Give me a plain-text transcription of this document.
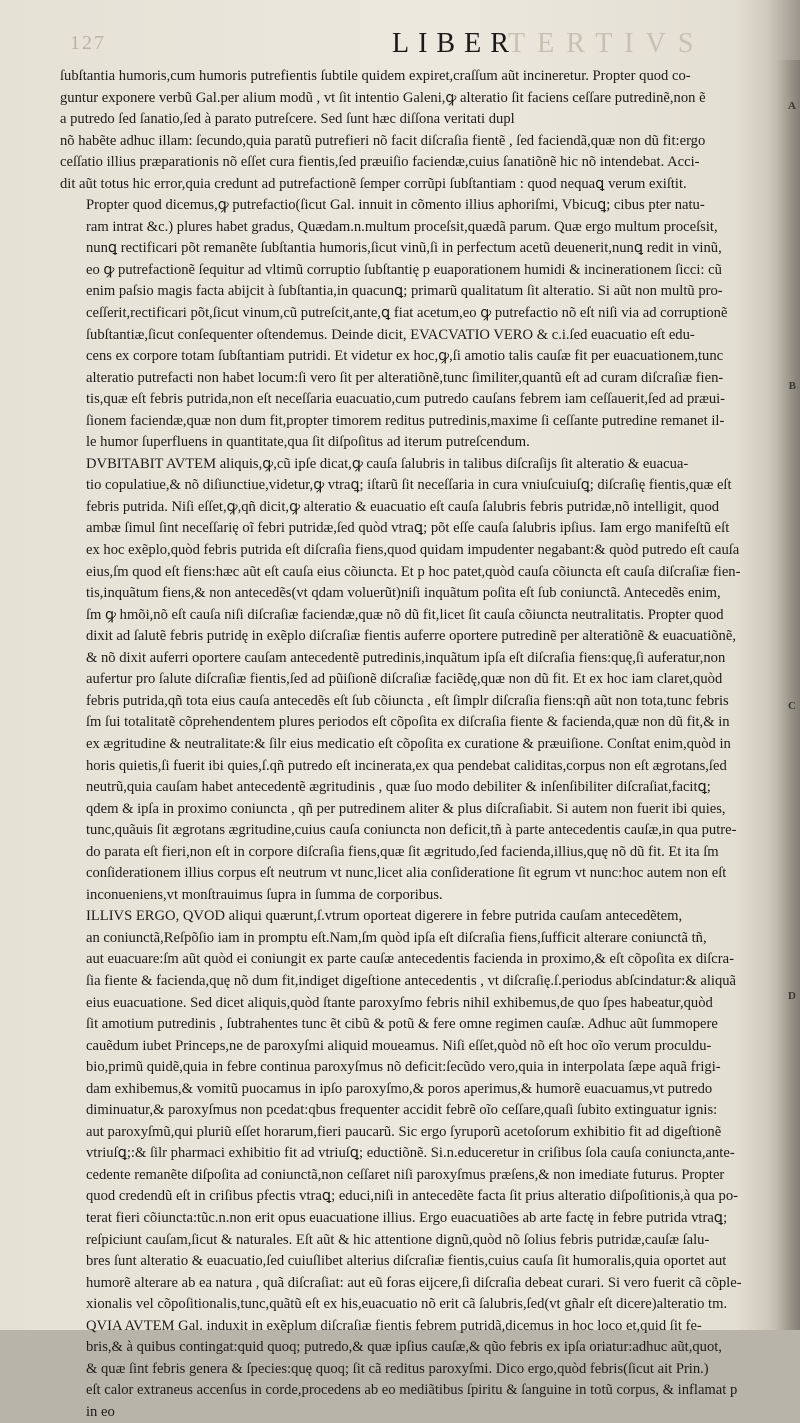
127	LIBER
TERTIVS

ſubſtantia humoris,cum humoris putrefientis ſubtile quidem expiret,craſſum aũt incineretur. Propter quod co-
guntur exponere verbũ Gal.per alium modũ , vt ſit intentio Galeni,ꝙ alteratio ſit faciens ceſſare putredinẽ,non ẽ
a putredo ſed ſanatio,ſed à parato putreſcere. Sed ſunt hæc diſſona veritati dupl
nõ habẽte adhuc illam: ſecundo,quia paratũ putrefieri nõ facit diſcraſia fientẽ , ſed faciendã,quæ non dũ fit:ergo
ceſſatio illius præparationis nõ eſſet cura fientis,ſed præuiſio faciendæ,cuius ſanatiõnẽ hic nõ intendebat. Acci-
dit aũt totus hic error,quia credunt ad putrefactionẽ ſemper corrũpi ſubſtantiam : quod nequaꝗ verum exiſtit.

Propter quod dicemus,ꝙ putrefactio(ſicut Gal. innuit in cõmento illius aphoriſmi, Vbicuꝗ; cibus pter natu-
ram intrat &c.) plures habet gradus, Quædam.n.multum proceſsit,quædã parum. Quæ ergo multum proceſsit,
nunꝗ rectificari põt remanẽte ſubſtantia humoris,ſicut vinũ,ſi in perfectum acetũ deuenerit,nunꝗ redit in vinũ,
eo ꝙ putrefactionẽ ſequitur ad vltimũ corruptio ſubſtantię p euaporationem humidi & incinerationem ſicci: cũ
enim paſsio magis facta abijcit à ſubſtantia,in quacunꝗ; primarũ qualitatum ſit alteratio. Si aũt non multũ pro-
ceſſerit,rectificari põt,ſicut vinum,cũ putreſcit,ante,ꝗ fiat acetum,eo ꝙ putrefactio nõ eſt niſi via ad corruptionẽ
ſubſtantiæ,ſicut conſequenter oſtendemus. Deinde dicit, EVACVATIO VERO & c.i.ſed euacuatio eſt edu-
cens ex corpore totam ſubſtantiam putridi. Et videtur ex hoc,ꝙ,ſi amotio talis cauſæ fit per euacuationem,tunc
alteratio putrefacti non habet locum:ſi vero ſit per alteratiõnẽ,tunc ſimiliter,quantũ eſt ad curam diſcraſiæ fien-
tis,quæ eſt febris putrida,non eſt neceſſaria euacuatio,cum putredo cauſans febrem iam ceſſauerit,ſed ad præui-
ſionem faciendæ,quæ non dum fit,propter timorem reditus putredinis,maxime ſi ceſſante putredine remanet il-
le humor ſuperfluens in quantitate,qua ſit diſpoſitus ad iterum putreſcendum.

DVBITABIT AVTEM aliquis,ꝙ,cũ ipſe dicat,ꝙ cauſa ſalubris in talibus diſcraſijs ſit alteratio & euacua-
tio copulatiue,& nõ diſiunctiue,videtur,ꝙ vtraꝗ; iſtarũ ſit neceſſaria in cura vniuſcuiuſꝗ; diſcraſię fientis,quæ eſt
febris putrida. Niſi eſſet,ꝙ,qñ dicit,ꝙ alteratio & euacuatio eſt cauſa ſalubris febris putridæ,nõ intelligit, quod
ambæ ſimul ſint neceſſarię oĩ febri putridæ,ſed quòd vtraꝗ; põt eſſe cauſa ſalubris ipſius. Iam ergo manifeſtũ eſt
ex hoc exẽplo,quòd febris putrida eſt diſcraſia fiens,quod quidam impudenter negabant:& quòd putredo eſt cauſa
eius,ſm quod eſt fiens:hæc aũt eſt cauſa eius cõiuncta. Et p hoc patet,quòd cauſa cõiuncta eſt cauſa diſcraſiæ fien-
tis,inquãtum fiens,& non antecedẽs(vt qdam voluerũt)niſi inquãtum poſita eſt ſub coniunctã. Antecedẽs enim,
ſm ꝙ hmõi,nõ eſt cauſa niſi diſcraſiæ faciendæ,quæ nõ dũ fit,licet ſit cauſa cõiuncta neutralitatis. Propter quod
dixit ad ſalutẽ febris putridę in exẽplo diſcraſiæ fientis auferre oportere putredinẽ per alteratiõnẽ & euacuatiõnẽ,
& nõ dixit auferri oportere cauſam antecedentẽ putredinis,inquãtum ipſa eſt diſcraſia fiens:quę,ſi auferatur,non
aufertur pro ſalute diſcraſiæ fientis,ſed ad pũiſionẽ diſcraſiæ faciẽdę,quæ non dũ fit. Et ex hoc iam claret,quòd
febris putrida,qñ tota eius cauſa antecedẽs eſt ſub cõiuncta , eſt ſimplr diſcraſia fiens:qñ aũt non tota,tunc febris
ſm ſui totalitatẽ cõprehendentem plures periodos eſt cõpoſita ex diſcraſia fiente & facienda,quæ non dũ fit,& in
ex ægritudine & neutralitate:& ſilr eius medicatio eſt cõpoſita ex curatione & præuiſione. Conſtat enim,quòd in
horis quietis,ſi fuerit ibi quies,ſ.qñ putredo eſt incinerata,ex qua pendebat caliditas,corpus non eſt ægrotans,ſed
neutrũ,quia cauſam habet antecedentẽ ægritudinis , quæ ſuo modo debiliter & inſenſibiliter diſcraſiat,facitꝗ;
qdem & ipſa in proximo coniuncta , qñ per putredinem aliter & plus diſcraſiabit. Si autem non fuerit ibi quies,
tunc,quãuis ſit ægrotans ægritudine,cuius cauſa coniuncta non deficit,tñ à parte antecedentis cauſæ,in qua putre-
do parata eſt fieri,non eſt in corpore diſcraſia fiens,quæ ſit ægritudo,ſed facienda,illius,quę nõ dũ fit. Et ita ſm
conſiderationem illius corpus eſt neutrum vt nunc,licet alia conſideratione ſit egrum vt nunc:hoc autem non eſt
inconueniens,vt monſtrauimus ſupra in ſumma de corporibus.

ILLIVS ERGO, QVOD aliqui quærunt,ſ.vtrum oporteat digerere in febre putrida cauſam antecedẽtem,
an coniunctã,Reſpõſio iam in promptu eſt.Nam,ſm quòd ipſa eſt diſcraſia fiens,ſufficit alterare coniunctã tñ,
aut euacuare:ſm aũt quòd ei coniungit ex parte cauſæ antecedentis facienda in proximo,& eſt cõpoſita ex diſcra-
ſia fiente & facienda,quę nõ dum fit,indiget digeſtione antecedentis , vt diſcraſię.ſ.periodus abſcindatur:& aliquã
eius euacuatione. Sed dicet aliquis,quòd ſtante paroxyſmo febris nihil exhibemus,de quo ſpes habeatur,quòd
ſit amotium putredinis , ſubtrahentes tunc ẽt cibũ & potũ & fere omne regimen cauſæ. Adhuc aũt ſummopere
cauẽdum iubet Princeps,ne de paroxyſmi aliquid moueamus. Niſi eſſet,quòd nõ eſt hoc oĩo verum proculdu-
bio,primũ quidẽ,quia in febre continua paroxyſmus nõ deficit:ſecũdo vero,quia in interpolata ſæpe aquã frigi-
dam exhibemus,& vomitũ puocamus in ipſo paroxyſmo,& poros aperimus,& humorẽ euacuamus,vt putredo
diminuatur,& paroxyſmus non pcedat:qbus frequenter accidit febrẽ oĩo ceſſare,quaſi ſubito extinguatur ignis:
aut paroxyſmũ,qui pluriũ eſſet horarum,fieri paucarũ. Sic ergo ſyruporũ acetoſorum exhibitio fit ad digeſtionẽ
vtriuſꝗ;:& ſilr pharmaci exhibitio fit ad vtriuſꝗ; eductiõnẽ. Si.n.educeretur in criſibus ſola cauſa coniuncta,ante-
cedente remanẽte diſpoſita ad coniunctã,non ceſſaret niſi paroxyſmus præſens,& non imediate futurus. Propter
quod credendũ eſt in criſibus pfectis vtraꝗ; educi,niſi in antecedẽte facta ſit prius alteratio diſpoſitionis,à qua po-
terat fieri cõiuncta:tũc.n.non erit opus euacuatione illius. Ergo euacuatiões ab arte factę in febre putrida vtraꝗ;
reſpiciunt cauſam,ſicut & naturales. Eſt aũt & hic attentione dignũ,quòd nõ ſolius febris putridæ,cauſæ ſalu-
bres ſunt alteratio & euacuatio,ſed cuiuſlibet alterius diſcraſiæ fientis,cuius cauſa ſit humoralis,quia oportet aut
humorẽ alterare ab ea natura , quã diſcraſiat: aut eũ foras eijcere,ſi diſcraſia debeat curari. Si vero fuerit cã cõple-
xionalis vel cõpoſitionalis,tunc,quãtũ eſt ex his,euacuatio nõ erit cã ſalubris,ſed(vt gñalr eſt dicere)alteratio tm.

QVIA AVTEM Gal. induxit in exẽplum diſcraſiæ fientis febrem putridã,dicemus in hoc loco et,quid ſit fe-
bris,& à quibus contingat:quid quoq; putredo,& quæ ipſius cauſæ,& qũo febris ex ipſa oriatur:adhuc aũt,quot,
& quæ ſint febris genera & ſpecies:quę quoq; ſit cã reditus paroxyſmi. Dico ergo,quòd febris(ſicut ait Prin.)
eſt calor extraneus accenſus in corde,procedens ab eo mediãtibus ſpiritu & ſanguine in totũ corpus, & inflamat p
in eo

A
B
C
D
